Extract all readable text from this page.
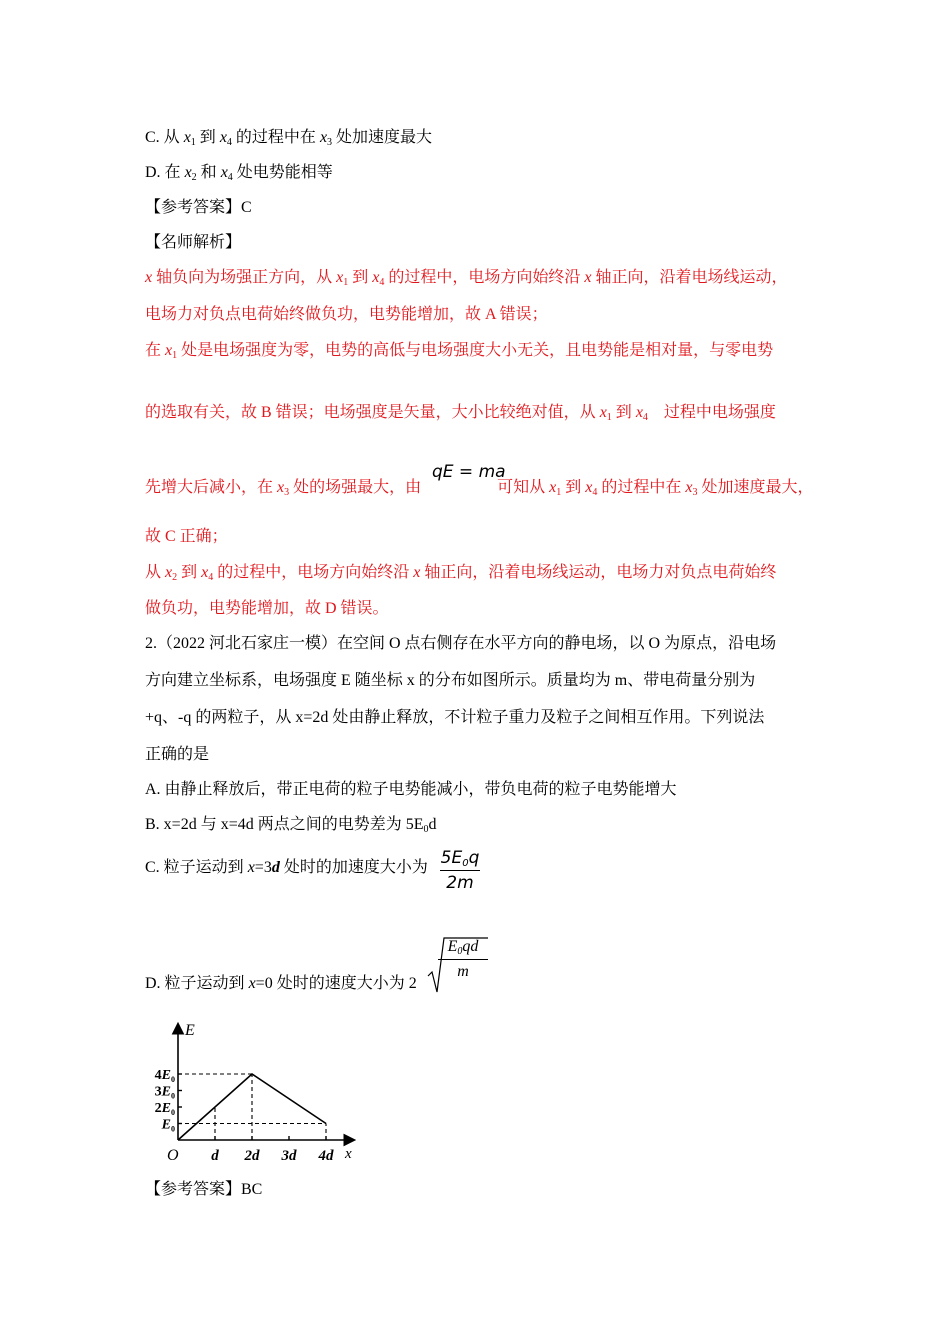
C. 从 $x_1$ 到 $x_4$ 的过程中在 $x_3$ 处加速度最大
D. 在 $x_2$ 和 $x_4$ 处电势能相等
【参考答案】C
【名师解析】
x 轴负向为场强正方向，从 $x_1$ 到 $x_4$ 的过程中，电场方向始终沿 x 轴正向，沿着电场线运动，
电场力对负点电荷始终做负功，电势能增加，故 A 错误；
在 $x_1$ 处是电场强度为零，电势的高低与电场强度大小无关，且电势能是相对量，与零电势
的选取有关，故 B 错误；电场强度是矢量，大小比较绝对值，从 $x_1$ 到 $x_4$    过程中电场强度
qE = ma
先增大后减小，在 $x_3$ 处的场强最大，由	可知从 $x_1$ 到 $x_4$ 的过程中在 $x_3$ 处加速度最大，
故 C 正确；
从 $x_2$ 到 $x_4$ 的过程中，电场方向始终沿 x 轴正向，沿着电场线运动，电场力对负点电荷始终
做负功，电势能增加，故 D 错误。
2.（2022 河北石家庄一模）在空间 O 点右侧存在水平方向的静电场，以 O 为原点，沿电场
方向建立坐标系，电场强度 E 随坐标 x 的分布如图所示。质量均为 m、带电荷量分别为
+q、-q 的两粒子，从 x=2d 处由静止释放，不计粒子重力及粒子之间相互作用。下列说法
正确的是
A. 由静止释放后，带正电荷的粒子电势能减小，带负电荷的粒子电势能增大
B. x=2d 与 x=4d 两点之间的电势差为 $5E_0d$
C. 粒子运动到 x=3d 处时的加速度大小为 $5E_0q$
2m
D. 粒子运动到 x=0 处时的速度大小为 2
$E_0qd$
m
d 2d 3d 4d
$E_0$
$2E_0$
$3E_0$
$4E_0$
E
x
O
【参考答案】BC
